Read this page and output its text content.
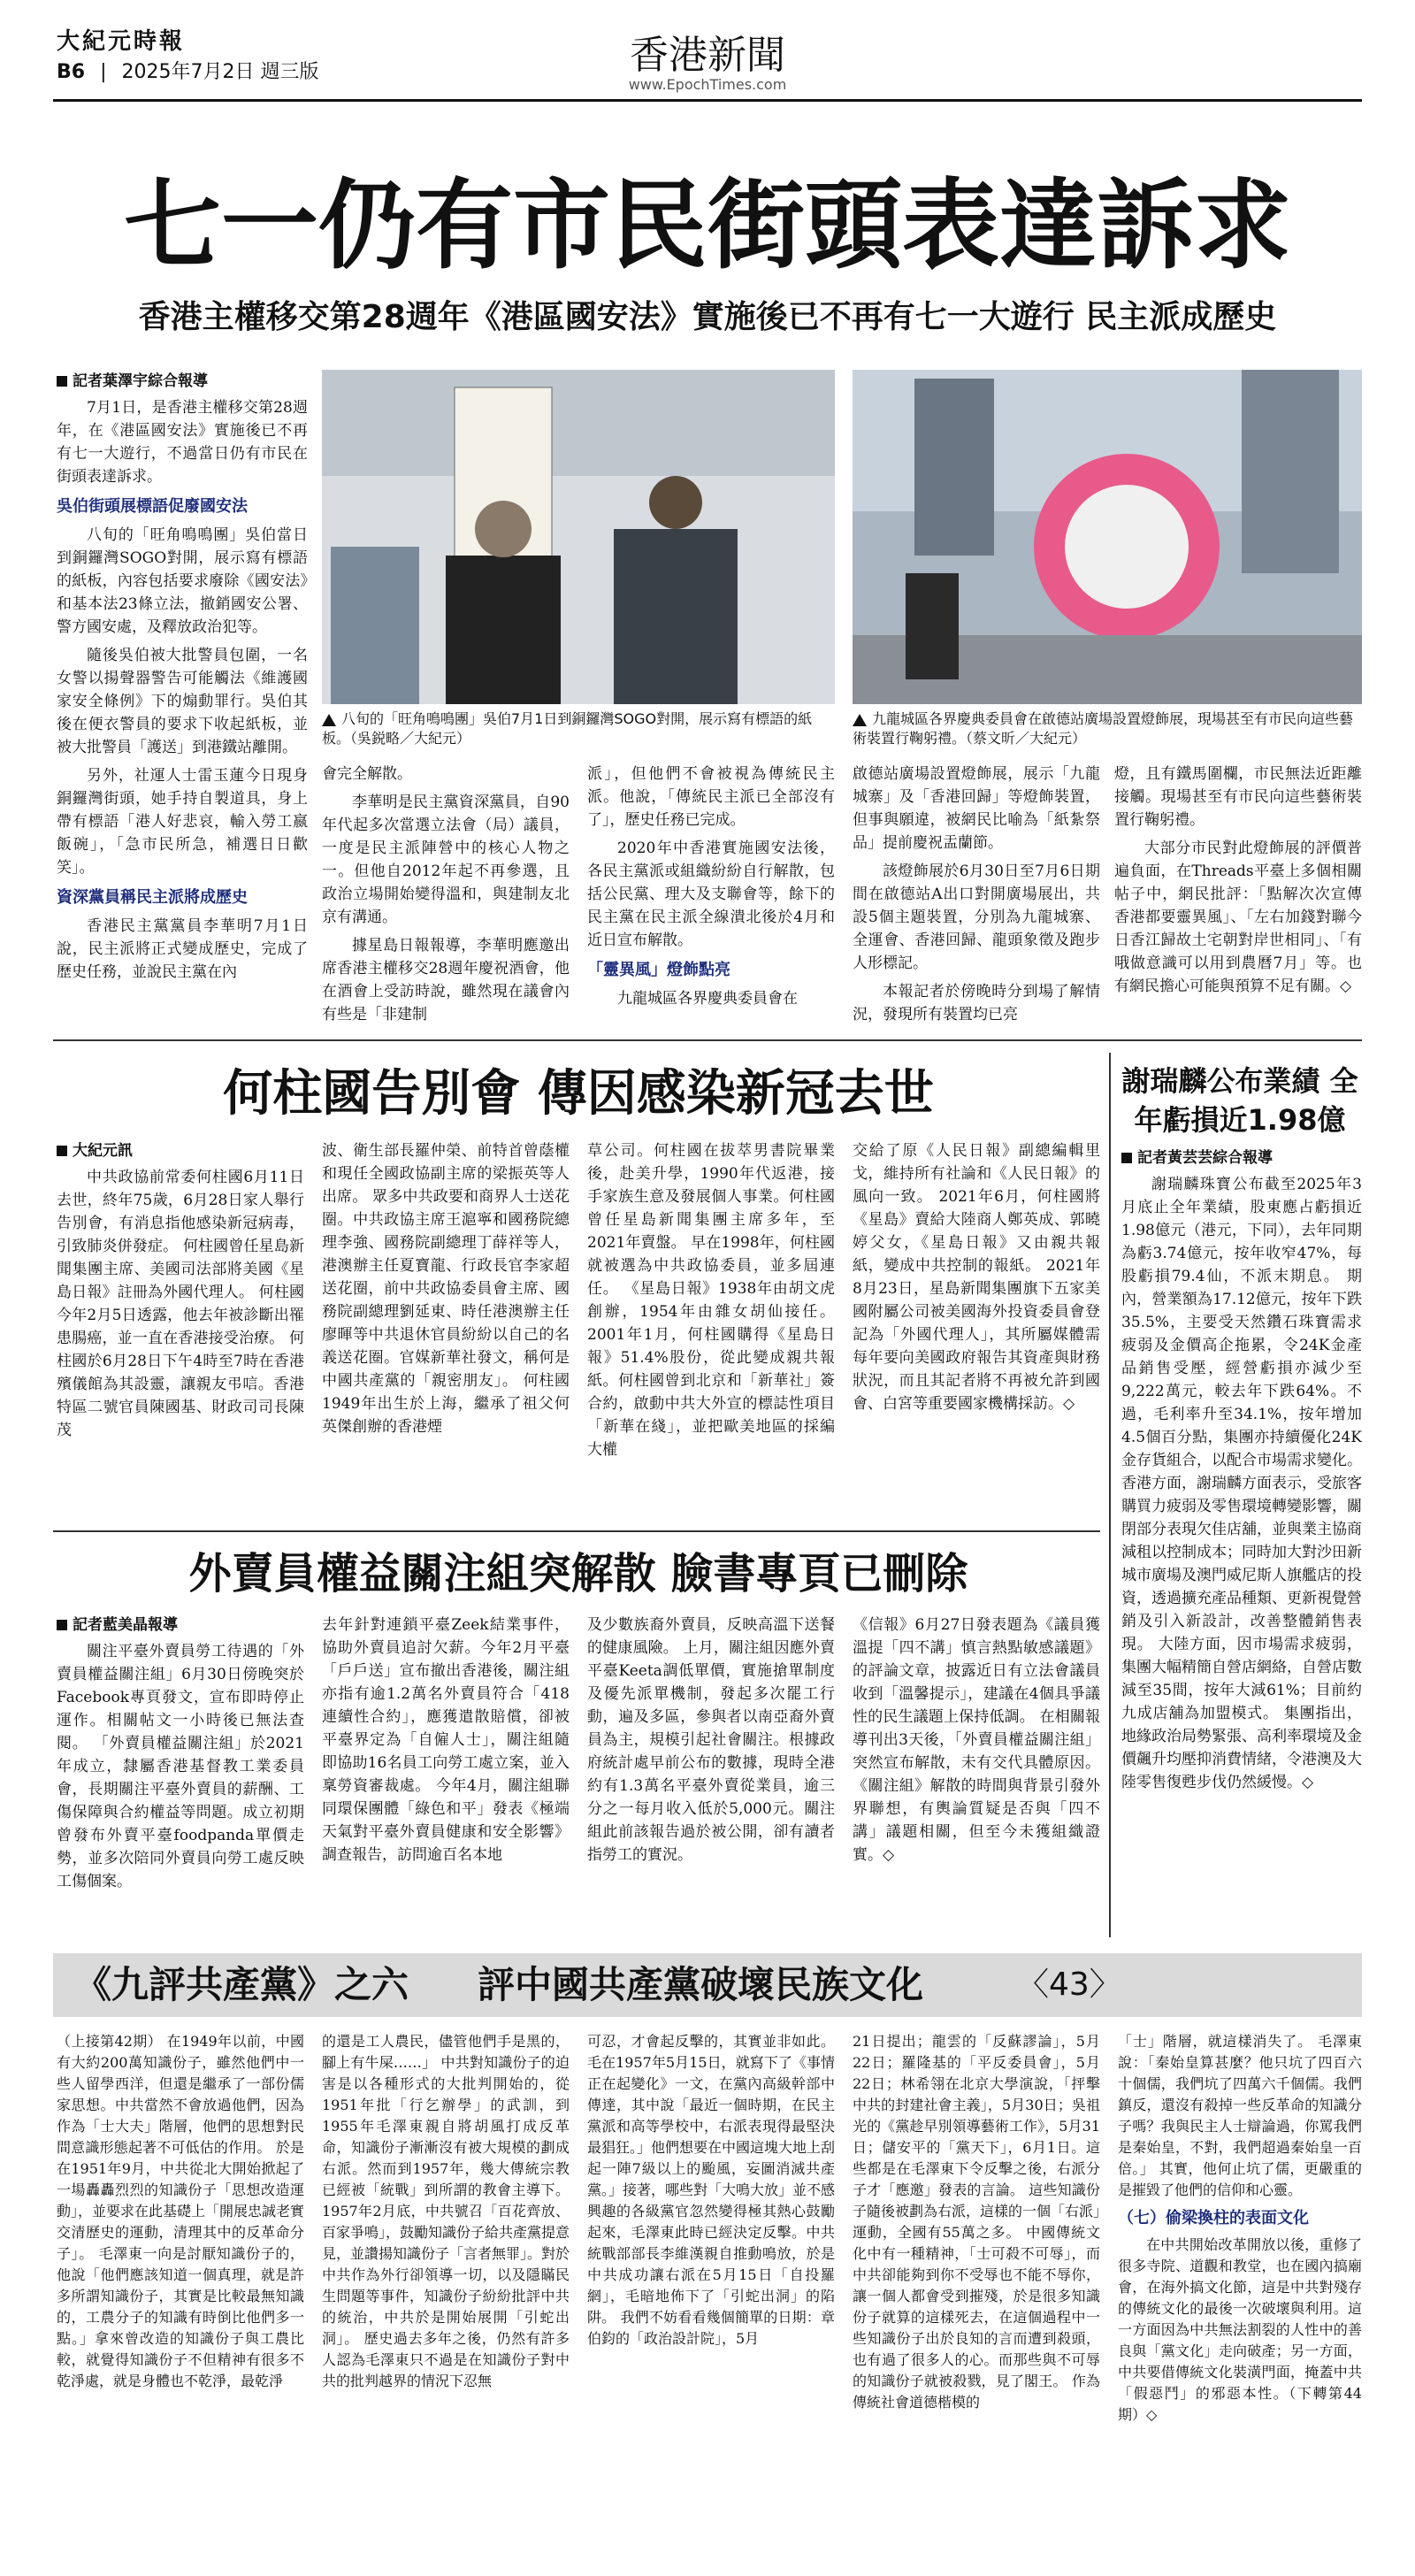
大紀元時報
B6 | 2025年7月2日 週三版	香港新聞
www.EpochTimes.com
七一仍有市民街頭表達訴求
香港主權移交第28週年《港區國安法》實施後已不再有七一大遊行 民主派成歷史
記者葉澤宇綜合報導

7月1日，是香港主權移交第28週年，在《港區國安法》實施後已不再有七一大遊行，不過當日仍有市民在街頭表達訴求。

吳伯街頭展標語促廢國安法

八旬的「旺角鳴鳴團」吳伯當日到銅鑼灣SOGO對開，展示寫有標語的紙板，內容包括要求廢除《國安法》和基本法23條立法，撤銷國安公署、警方國安處，及釋放政治犯等。

隨後吳伯被大批警員包圍，一名女警以揚聲器警告可能觸法《維護國家安全條例》下的煽動罪行。吳伯其後在便衣警員的要求下收起紙板，並被大批警員「護送」到港鐵站離開。

另外，社運人士雷玉蓮今日現身銅鑼灣街頭，她手持自製道具，身上帶有標語「港人好悲哀，輸入勞工嬴飯碗」，「急市民所急，補選日日歡笑」。

資深黨員稱民主派將成歷史

香港民主黨黨員李華明7月1日說，民主派將正式變成歷史，完成了歷史任務，並說民主黨在內

八旬的「旺角鳴鳴團」吳伯7月1日到銅鑼灣SOGO對開，展示寫有標語的紙板。（吳鋭略／大紀元）
九龍城區各界慶典委員會在啟德站廣場設置燈飾展，現場甚至有市民向這些藝術裝置行鞠躬禮。（蔡文昕／大紀元）

會完全解散。

李華明是民主黨資深黨員，自90年代起多次當選立法會（局）議員，一度是民主派陣營中的核心人物之一。但他自2012年起不再參選，且政治立場開始變得溫和，與建制友北京有溝通。

據星島日報報導，李華明應邀出席香港主權移交28週年慶祝酒會，他在酒會上受訪時說，雖然現在議會內有些是「非建制

派」，但他們不會被視為傳統民主派。他說，「傳統民主派已全部沒有了」，歷史任務已完成。

2020年中香港實施國安法後，各民主黨派或組織紛紛自行解散，包括公民黨、理大及支聯會等，餘下的民主黨在民主派全線潰北後於4月和近日宣布解散。

「靈異風」燈飾點亮

九龍城區各界慶典委員會在

啟德站廣場設置燈飾展，展示「九龍城寨」及「香港回歸」等燈飾裝置，但事與願違，被網民比喻為「紙紮祭品」提前慶祝盂蘭節。

該燈飾展於6月30日至7月6日期間在啟德站A出口對開廣場展出，共設5個主題裝置，分別為九龍城寨、全運會、香港回歸、龍頭象徵及跑步人形標記。

本報記者於傍晚時分到場了解情況，發現所有裝置均已亮

燈，且有鐵馬圍欄，市民無法近距離接觸。現場甚至有市民向這些藝術裝置行鞠躬禮。

大部分市民對此燈飾展的評價普遍負面，在Threads平臺上多個相關帖子中，網民批評：「點解次次宣傳香港都要靈異風」、「左右加錢對聯今日香江歸故土宅朝對岸世相同」、「有哦做意識可以用到農曆7月」等。也有網民擔心可能與預算不足有關。◇

何柱國告別會 傳因感染新冠去世
大紀元訊

中共政協前常委何柱國6月11日去世，終年75歲，6月28日家人舉行告別會，有消息指他感染新冠病毒，引致肺炎併發症。 何柱國曾任星島新聞集團主席、美國司法部將美國《星島日報》註冊為外國代理人。 何柱國今年2月5日透露，他去年被診斷出罹患腸癌，並一直在香港接受治療。 何柱國於6月28日下午4時至7時在香港殯儀館為其設靈，讓親友弔唁。香港特區二號官員陳國基、財政司司長陳茂

波、衛生部長羅仲榮、前特首曾蔭權和現任全國政協副主席的梁振英等人出席。 眾多中共政要和商界人士送花圈。中共政協主席王滬寧和國務院總理李強、國務院副總理丁薛祥等人，港澳辦主任夏寶龍、行政長官李家超送花圈，前中共政協委員會主席、國務院副總理劉延東、時任港澳辦主任廖暉等中共退休官員紛紛以自己的名義送花圈。官媒新華社發文，稱何是中國共產黨的「親密朋友」。 何柱國1949年出生於上海，繼承了祖父何英傑創辦的香港煙

草公司。何柱國在拔萃男書院畢業後，赴美升學，1990年代返港，接手家族生意及發展個人事業。何柱國曾任星島新聞集團主席多年，至2021年賣盤。 早在1998年，何柱國就被選為中共政協委員，並多屆連任。 《星島日報》1938年由胡文虎創辦，1954年由雜女胡仙接任。2001年1月，何柱國購得《星島日報》51.4%股份，從此變成親共報紙。何柱國曾到北京和「新華社」簽合約，啟動中共大外宣的標誌性項目「新華在綫」，並把歐美地區的採編大權

交給了原《人民日報》副總編輯里戈，維持所有社論和《人民日報》的風向一致。 2021年6月，何柱國將《星島》賣給大陸商人鄭英成、郭曉婷父女，《星島日報》又由親共報紙，變成中共控制的報紙。 2021年8月23日，星島新聞集團旗下五家美國附屬公司被美國海外投資委員會登記為「外國代理人」，其所屬媒體需每年要向美國政府報告其資產與財務狀況，而且其記者將不再被允許到國會、白宮等重要國家機構採訪。◇

謝瑞麟公布業績 全年虧損近1.98億
記者黃芸芸綜合報導

謝瑞麟珠寶公布截至2025年3月底止全年業績，股東應占虧損近1.98億元（港元，下同），去年同期為虧3.74億元，按年收窄47%，每股虧損79.4仙，不派末期息。 期內，營業額為17.12億元，按年下跌35.5%，主要受天然鑽石珠寶需求疲弱及金價高企拖累，令24K金產品銷售受壓，經營虧損亦減少至9,222萬元，較去年下跌64%。不過，毛利率升至34.1%，按年增加4.5個百分點，集團亦持續優化24K金存貨組合，以配合市場需求變化。 香港方面，謝瑞麟方面表示，受旅客購買力疲弱及零售環境轉變影響，關閉部分表現欠佳店舖，並與業主協商減租以控制成本；同時加大對沙田新城市廣場及澳門威尼斯人旗艦店的投資，透過擴充產品種類、更新視覺營銷及引入新設計，改善整體銷售表現。 大陸方面，因市場需求疲弱，集團大幅精簡自營店網絡，自營店數減至35間，按年大減61%；目前約九成店舖為加盟模式。 集團指出，地緣政治局勢緊張、高利率環境及金價飆升均壓抑消費情緒，令港澳及大陸零售復甦步伐仍然緩慢。◇

外賣員權益關注組突解散 臉書專頁已刪除
記者藍美晶報導

關注平臺外賣員勞工待遇的「外賣員權益關注組」6月30日傍晚突於Facebook專頁發文，宣布即時停止運作。相關帖文一小時後已無法查閱。 「外賣員權益關注組」於2021年成立，隸屬香港基督教工業委員會，長期關注平臺外賣員的薪酬、工傷保障與合約權益等問題。成立初期曾發布外賣平臺foodpanda單價走勢，並多次陪同外賣員向勞工處反映工傷個案。

去年針對連鎖平臺Zeek結業事件，協助外賣員追討欠薪。今年2月平臺「戶戶送」宣布撤出香港後，關注組亦指有逾1.2萬名外賣員符合「418連續性合約」，應獲遣散賠償，卻被平臺界定為「自僱人士」，關注組隨即協助16名員工向勞工處立案，並入稟勞資審裁處。 今年4月，關注組聯同環保團體「綠色和平」發表《極端天氣對平臺外賣員健康和安全影響》調查報告，訪問逾百名本地

及少數族裔外賣員，反映高溫下送餐的健康風險。 上月，關注組因應外賣平臺Keeta調低單價，實施搶單制度及優先派單機制，發起多次罷工行動，遍及多區，參與者以南亞裔外賣員為主，規模引起社會關注。根據政府統計處早前公布的數據，現時全港約有1.3萬名平臺外賣從業員，逾三分之一每月收入低於5,000元。關注組此前該報告過於被公開，卻有讀者指勞工的實況。

《信報》6月27日發表題為《議員獲溫提「四不講」慎言熱點敏感議題》的評論文章，披露近日有立法會議員收到「溫馨提示」，建議在4個具爭議性的民生議題上保持低調。 在相關報導刊出3天後，「外賣員權益關注組」突然宣布解散，未有交代具體原因。《關注組》解散的時間與背景引發外界聯想，有輿論質疑是否與「四不講」議題相關，但至今未獲組織證實。◇

《九評共產黨》之六 評中國共產黨破壞民族文化	〈43〉

（上接第42期） 在1949年以前，中國有大約200萬知識份子，雖然他們中一些人留學西洋，但還是繼承了一部份儒家思想。中共當然不會放過他們，因為作為「士大夫」階層，他們的思想對民間意識形態起著不可低估的作用。 於是在1951年9月，中共從北大開始掀起了一場轟轟烈烈的知識份子「思想改造運動」，並要求在此基礎上「開展忠誠老實交清歷史的運動，清理其中的反革命分子」。 毛澤東一向是討厭知識份子的，他說「他們應該知道一個真理，就是許多所謂知識份子，其實是比較最無知識的，工農分子的知識有時倒比他們多一點。」拿來曾改造的知識份子與工農比較，就覺得知識份子不但精神有很多不乾淨處，就是身體也不乾淨，最乾淨

的還是工人農民，儘管他們手是黑的，腳上有牛屎……」 中共對知識份子的迫害是以各種形式的大批判開始的，從1951年批「行乞辦學」的武訓，到1955年毛澤東親自將胡風打成反革命，知識份子漸漸沒有被大規模的劃成右派。然而到1957年，幾大傳統宗教已經被「統戰」到所謂的教會主導下。 1957年2月底，中共號召「百花齊放、百家爭鳴」，鼓勵知識份子給共產黨提意見，並讚揚知識份子「言者無罪」。對於中共作為外行卻領導一切，以及隱瞞民生問題等事件，知識份子紛紛批評中共的統治，中共於是開始展開「引蛇出洞」。 歷史過去多年之後，仍然有許多人認為毛澤東只不過是在知識份子對中共的批判越界的情況下忍無

可忍，才會起反擊的，其實並非如此。 毛在1957年5月15日，就寫下了《事情正在起變化》一文，在黨內高級幹部中傳達，其中說「最近一個時期，在民主黨派和高等學校中，右派表現得最堅決最猖狂。」他們想要在中國這塊大地上刮起一陣7級以上的颱風，妄圖消滅共產黨。」接著，哪些對「大鳴大放」並不感興趣的各級黨官忽然變得極其熱心鼓勵起來，毛澤東此時已經決定反擊。中共統戰部部長李維漢親自推動鳴放，於是中共成功讓右派在5月15日「自投羅網」，毛暗地佈下了「引蛇出洞」的陷阱。 我們不妨看看幾個簡單的日期：章伯鈞的「政治設計院」，5月

21日提出；龍雲的「反蘇謬論」，5月22日；羅隆基的「平反委員會」，5月22日；林希翎在北京大學演說，「抨擊中共的封建社會主義」，5月30日；吳祖光的《黨趁早別領導藝術工作》，5月31日；儲安平的「黨天下」，6月1日。這些都是在毛澤東下令反擊之後，右派分子才「應邀」發表的言論。 這些知識份子隨後被劃為右派，這樣的一個「右派」運動，全國有55萬之多。 中國傳統文化中有一種精神，「士可殺不可辱」，而中共卻能夠到你不受辱也不能不辱你，讓一個人都會受到摧殘，於是很多知識份子就算的這樣死去，在這個過程中一些知識份子出於良知的言而遭到殺頭，也有過了很多人的心。而那些與不可辱的知識份子就被殺戮，見了閣王。 作為傳統社會道德楷模的

「士」階層，就這樣消失了。 毛澤東說：「秦始皇算甚麼？他只坑了四百六十個儒，我們坑了四萬六千個儒。我們鎮反，還沒有殺掉一些反革命的知識分子嗎？我與民主人士辯論過，你罵我們是秦始皇，不對，我們超過秦始皇一百倍。」 其實，他何止坑了儒，更嚴重的是摧毀了他們的信仰和心靈。

（七）偷梁換柱的表面文化

在中共開始改革開放以後，重修了很多寺院、道觀和教堂，也在國內搞廟會，在海外搞文化節，這是中共對殘存的傳統文化的最後一次破壞與利用。這一方面因為中共無法割裂的人性中的善良與「黨文化」走向破產；另一方面，中共要借傳統文化裝潢門面，掩蓋中共「假惡鬥」的邪惡本性。（下轉第44期）◇
